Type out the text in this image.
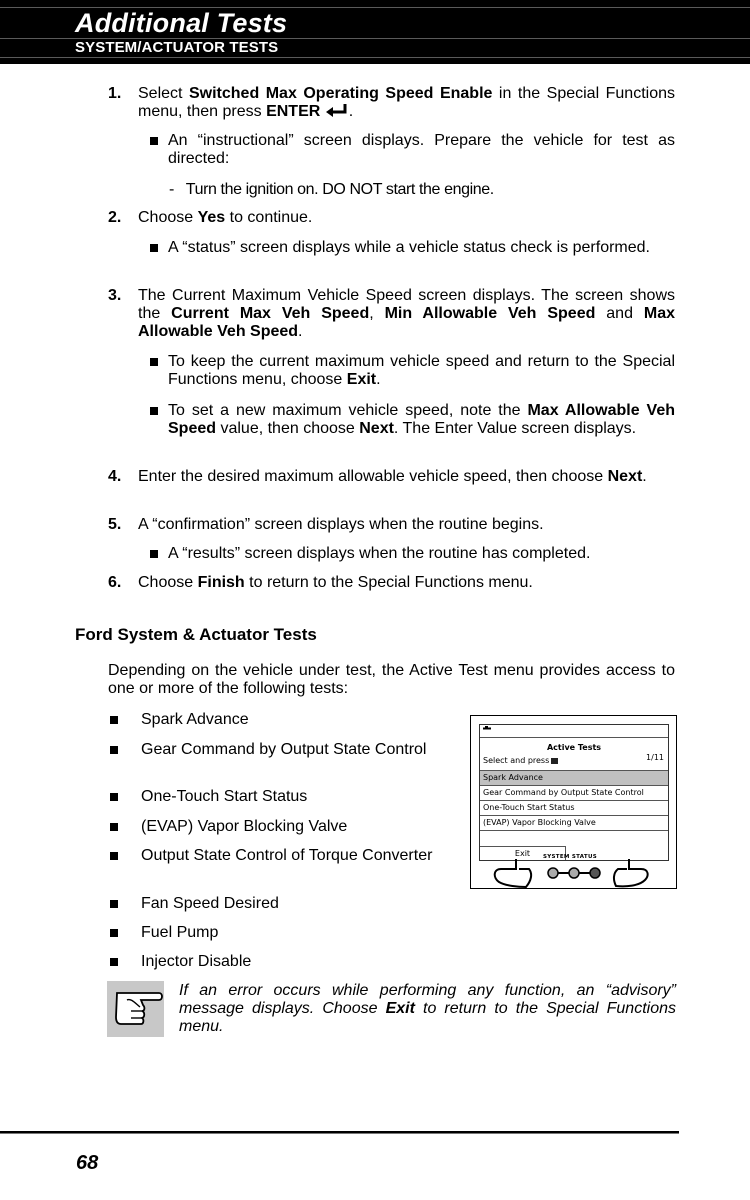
Additional Tests
SYSTEM/ACTUATOR TESTS
1. Select Switched Max Operating Speed Enable in the Special Functions menu, then press ENTER .
An “instructional” screen displays. Prepare the vehicle for test as directed:
- Turn the ignition on. DO NOT start the engine.
2. Choose Yes to continue.
A “status” screen displays while a vehicle status check is performed.
3. The Current Maximum Vehicle Speed screen displays. The screen shows the Current Max Veh Speed, Min Allowable Veh Speed and Max Allowable Veh Speed.
To keep the current maximum vehicle speed and return to the Special Functions menu, choose Exit.
To set a new maximum vehicle speed, note the Max Allowable Veh Speed value, then choose Next. The Enter Value screen displays.
4. Enter the desired maximum allowable vehicle speed, then choose Next.
5. A “confirmation” screen displays when the routine begins.
A “results” screen displays when the routine has completed.
6. Choose Finish to return to the Special Functions menu.
Ford System & Actuator Tests
Depending on the vehicle under test, the Active Test menu provides access to one or more of the following tests:
Spark Advance
Gear Command by Output State Control
One-Touch Start Status
(EVAP) Vapor Blocking Valve
Output State Control of Torque Converter
Fan Speed Desired
Fuel Pump
Injector Disable
Active Tests
Select and press	1/11
Spark Advance
Gear Command by Output State Control
One-Touch Start Status
(EVAP) Vapor Blocking Valve
Exit	SYSTEM STATUS
If an error occurs while performing any function, an “advisory” message displays. Choose Exit to return to the Special Functions menu.
68
